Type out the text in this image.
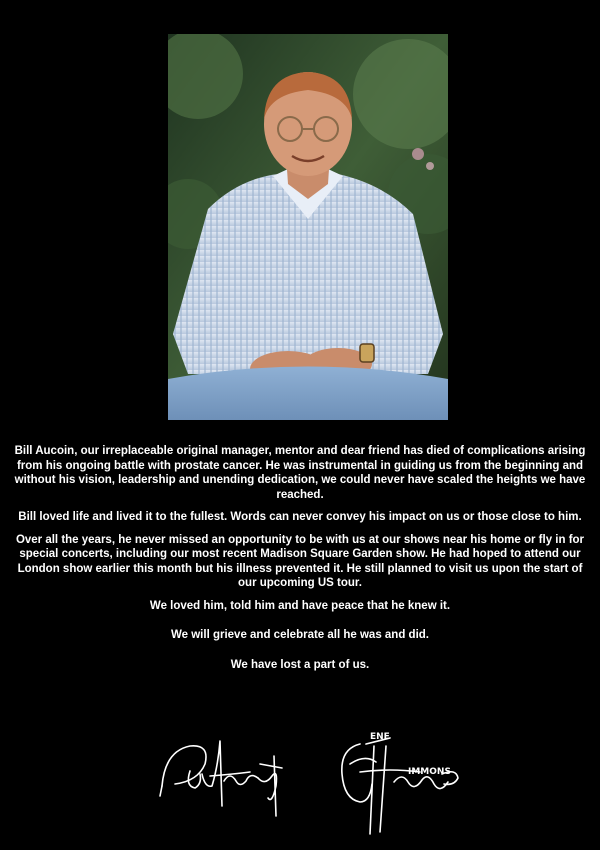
Bill Aucoin, our irreplaceable original manager, mentor and dear friend has died of complications arising from his ongoing battle with prostate cancer. He was instrumental in guiding us from the beginning and without his vision, leadership and unending dedication, we could never have scaled the heights we have reached.

Bill loved life and lived it to the fullest. Words can never convey his impact on us or those close to him.

Over all the years, he never missed an opportunity to be with us at our shows near his home or fly in for special concerts, including our most recent Madison Square Garden show. He had hoped to attend our London show earlier this month but his illness prevented it. He still planned to visit us upon the start of our upcoming US tour.

We loved him, told him and have peace that he knew it.

We will grieve and celebrate all he was and did.

We have lost a part of us.

ENE
IMMONS
